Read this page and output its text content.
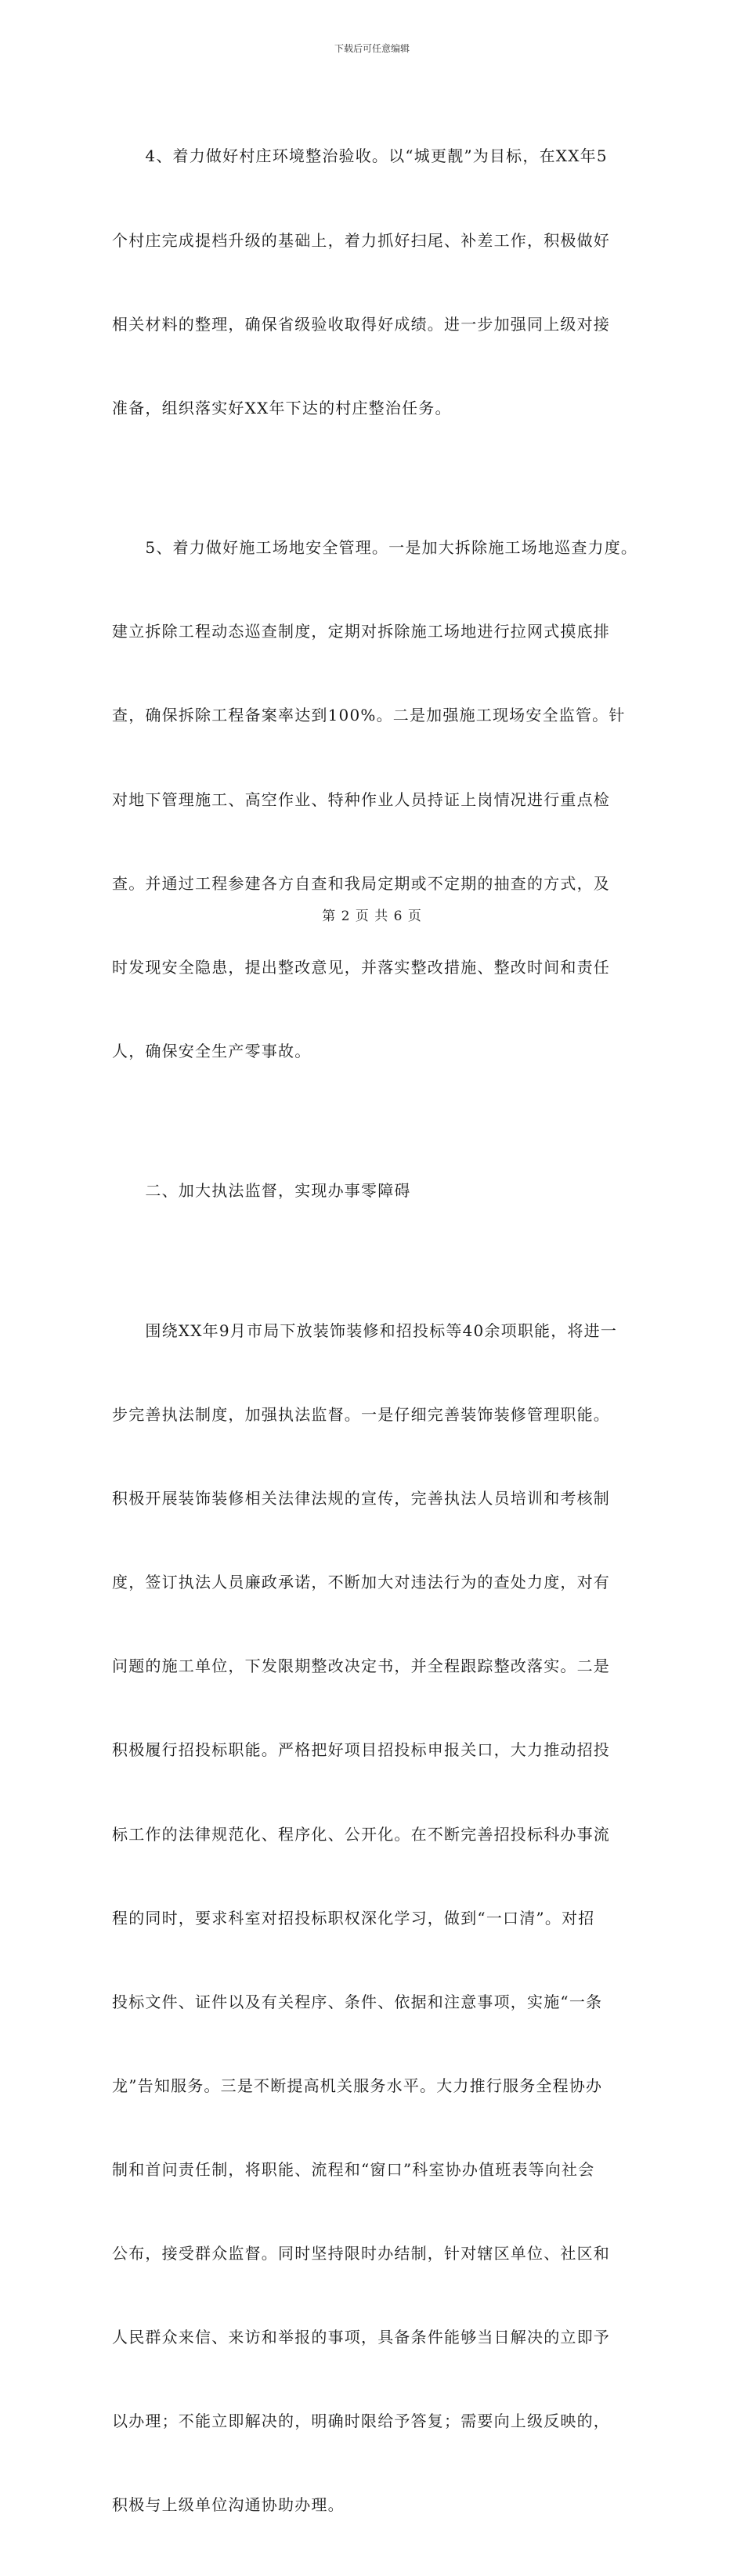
下载后可任意编辑

　　4、着力做好村庄环境整治验收。以“城更靓”为目标，在XX年5

个村庄完成提档升级的基础上，着力抓好扫尾、补差工作，积极做好

相关材料的整理，确保省级验收取得好成绩。进一步加强同上级对接

准备，组织落实好XX年下达的村庄整治任务。

　　5、着力做好施工场地安全管理。一是加大拆除施工场地巡查力度。

建立拆除工程动态巡查制度，定期对拆除施工场地进行拉网式摸底排

查，确保拆除工程备案率达到100%。二是加强施工现场安全监管。针

对地下管理施工、高空作业、特种作业人员持证上岗情况进行重点检

查。并通过工程参建各方自查和我局定期或不定期的抽查的方式，及

时发现安全隐患，提出整改意见，并落实整改措施、整改时间和责任

人，确保安全生产零事故。

　　二、加大执法监督，实现办事零障碍

　　围绕XX年9月市局下放装饰装修和招投标等40余项职能，将进一

步完善执法制度，加强执法监督。一是仔细完善装饰装修管理职能。

积极开展装饰装修相关法律法规的宣传，完善执法人员培训和考核制

度，签订执法人员廉政承诺，不断加大对违法行为的查处力度，对有

问题的施工单位，下发限期整改决定书，并全程跟踪整改落实。二是

积极履行招投标职能。严格把好项目招投标申报关口，大力推动招投

标工作的法律规范化、程序化、公开化。在不断完善招投标科办事流

程的同时，要求科室对招投标职权深化学习，做到“一口清”。对招

投标文件、证件以及有关程序、条件、依据和注意事项，实施“一条

龙”告知服务。三是不断提高机关服务水平。大力推行服务全程协办

制和首问责任制，将职能、流程和“窗口”科室协办值班表等向社会

公布，接受群众监督。同时坚持限时办结制，针对辖区单位、社区和

人民群众来信、来访和举报的事项，具备条件能够当日解决的立即予

以办理；不能立即解决的，明确时限给予答复；需要向上级反映的，

积极与上级单位沟通协助办理。

第 2 页 共 6 页
